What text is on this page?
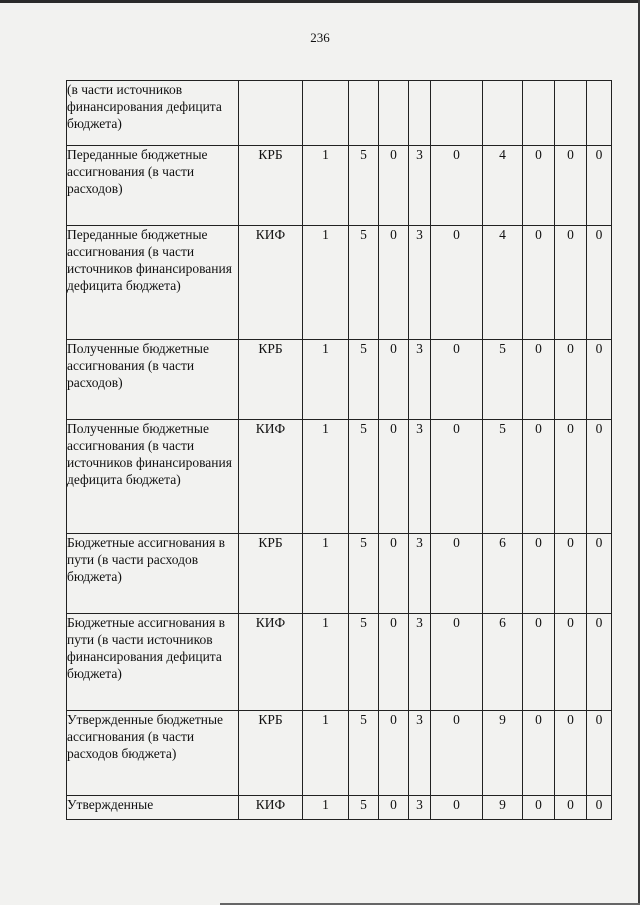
236
(в части источников финансирования дефицита бюджета)										
Переданные бюджетные ассигнования (в части расходов)	КРБ	1	5	0	3	0	4	0	0	0
Переданные бюджетные ассигнования (в части источников финансирования дефицита бюджета)	КИФ	1	5	0	3	0	4	0	0	0
Полученные бюджетные ассигнования (в части расходов)	КРБ	1	5	0	3	0	5	0	0	0
Полученные бюджетные ассигнования (в части источников финансирования дефицита бюджета)	КИФ	1	5	0	3	0	5	0	0	0
Бюджетные ассигнования в пути (в части расходов бюджета)	КРБ	1	5	0	3	0	6	0	0	0
Бюджетные ассигнования в пути (в части источников финансирования дефицита бюджета)	КИФ	1	5	0	3	0	6	0	0	0
Утвержденные бюджетные ассигнования (в части расходов бюджета)	КРБ	1	5	0	3	0	9	0	0	0
Утвержденные	КИФ	1	5	0	3	0	9	0	0	0
